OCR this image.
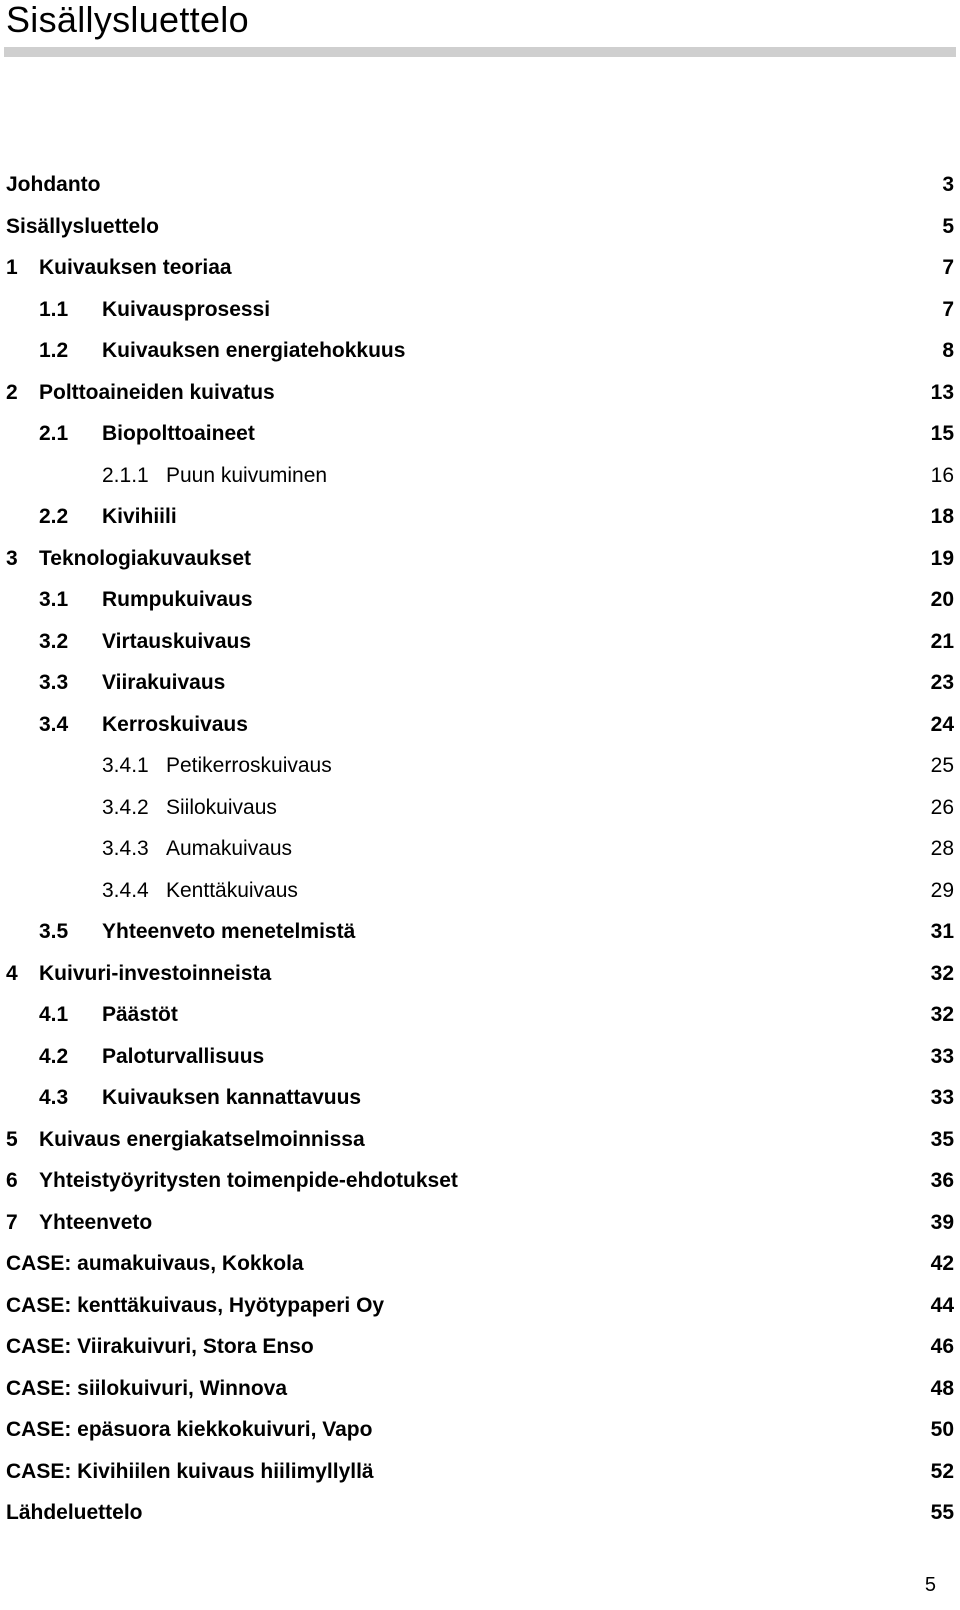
Sisällysluettelo
Johdanto	3
Sisällysluettelo	5
1 Kuivauksen teoriaa	7
1.1 Kuivausprosessi	7
1.2 Kuivauksen energiatehokkuus	8
2 Polttoaineiden kuivatus	13
2.1 Biopolttoaineet	15
2.1.1 Puun kuivuminen	16
2.2 Kivihiili	18
3 Teknologiakuvaukset	19
3.1 Rumpukuivaus	20
3.2 Virtauskuivaus	21
3.3 Viirakuivaus	23
3.4 Kerroskuivaus	24
3.4.1 Petikerroskuivaus	25
3.4.2 Siilokuivaus	26
3.4.3 Aumakuivaus	28
3.4.4 Kenttäkuivaus	29
3.5 Yhteenveto menetelmistä	31
4 Kuivuri-investoinneista	32
4.1 Päästöt	32
4.2 Paloturvallisuus	33
4.3 Kuivauksen kannattavuus	33
5 Kuivaus energiakatselmoinnissa	35
6 Yhteistyöyritysten toimenpide-ehdotukset	36
7 Yhteenveto	39
CASE: aumakuivaus, Kokkola	42
CASE: kenttäkuivaus, Hyötypaperi Oy	44
CASE: Viirakuivuri, Stora Enso	46
CASE: siilokuivuri, Winnova	48
CASE: epäsuora kiekkokuivuri, Vapo	50
CASE: Kivihiilen kuivaus hiilimyllyllä	52
Lähdeluettelo	55
5
